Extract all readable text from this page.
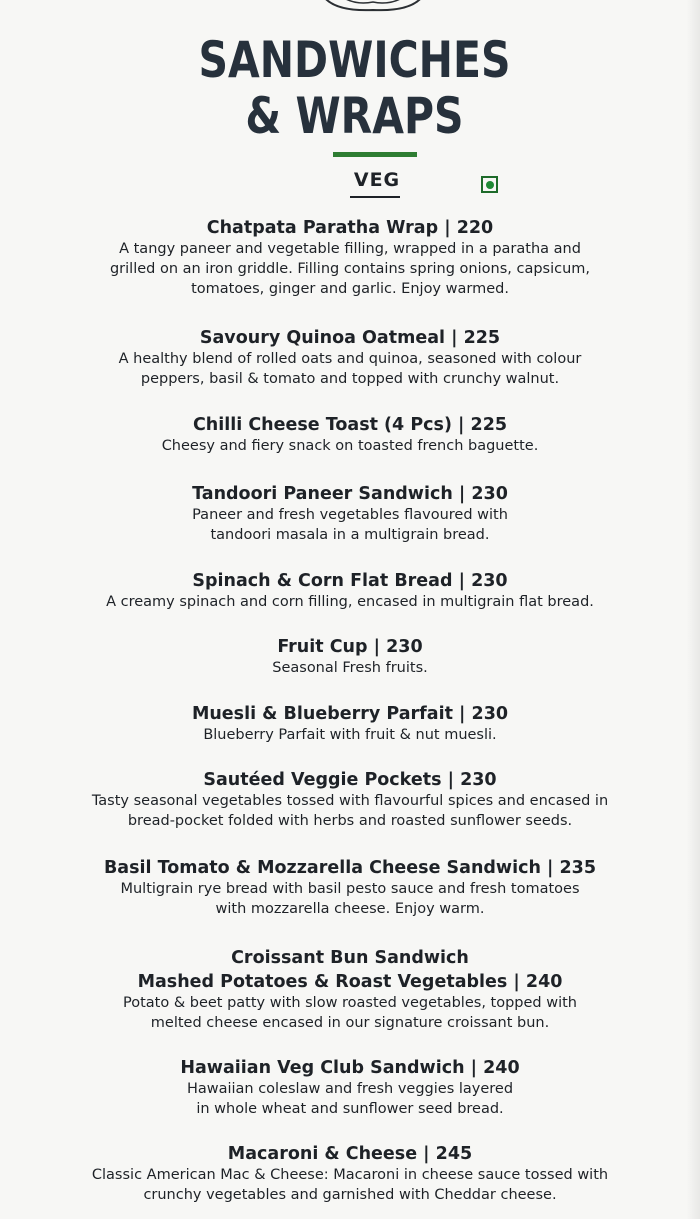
SANDWICHES
& WRAPS
VEG
Chatpata Paratha Wrap | 220
A tangy paneer and vegetable filling, wrapped in a paratha and
grilled on an iron griddle. Filling contains spring onions, capsicum,
tomatoes, ginger and garlic. Enjoy warmed.
Savoury Quinoa Oatmeal | 225
A healthy blend of rolled oats and quinoa, seasoned with colour
peppers, basil & tomato and topped with crunchy walnut.
Chilli Cheese Toast (4 Pcs) | 225
Cheesy and fiery snack on toasted french baguette.
Tandoori Paneer Sandwich | 230
Paneer and fresh vegetables flavoured with
tandoori masala in a multigrain bread.
Spinach & Corn Flat Bread | 230
A creamy spinach and corn filling, encased in multigrain flat bread.
Fruit Cup | 230
Seasonal Fresh fruits.
Muesli & Blueberry Parfait | 230
Blueberry Parfait with fruit & nut muesli.
Sautéed Veggie Pockets | 230
Tasty seasonal vegetables tossed with flavourful spices and encased in
bread-pocket folded with herbs and roasted sunflower seeds.
Basil Tomato & Mozzarella Cheese Sandwich | 235
Multigrain rye bread with basil pesto sauce and fresh tomatoes
with mozzarella cheese. Enjoy warm.
Croissant Bun Sandwich
Mashed Potatoes & Roast Vegetables | 240
Potato & beet patty with slow roasted vegetables, topped with
melted cheese encased in our signature croissant bun.
Hawaiian Veg Club Sandwich | 240
Hawaiian coleslaw and fresh veggies layered
in whole wheat and sunflower seed bread.
Macaroni & Cheese | 245
Classic American Mac & Cheese: Macaroni in cheese sauce tossed with
crunchy vegetables and garnished with Cheddar cheese.
